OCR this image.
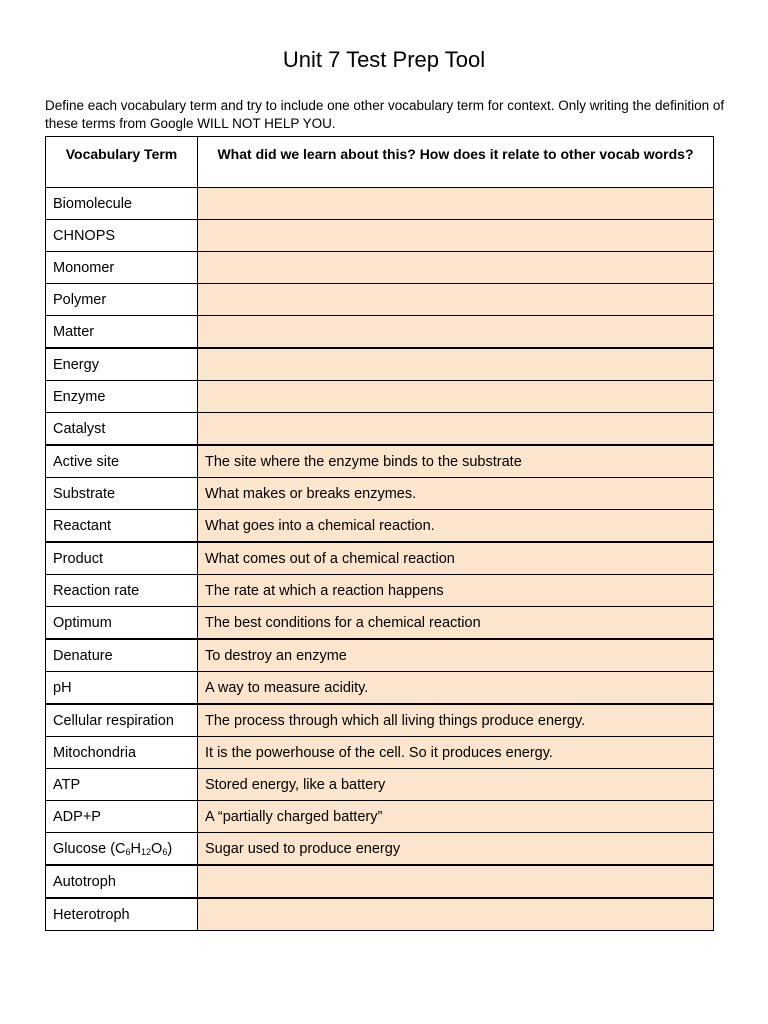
Unit 7 Test Prep Tool
Define each vocabulary term and try to include one other vocabulary term for context. Only writing the definition of these terms from Google WILL NOT HELP YOU.
Vocabulary Term	What did we learn about this? How does it relate to other vocab words?

Biomolecule	
CHNOPS	
Monomer	
Polymer	
Matter	
Energy	
Enzyme	
Catalyst	
Active site	The site where the enzyme binds to the substrate
Substrate	What makes or breaks enzymes.
Reactant	What goes into a chemical reaction.
Product	What comes out of a chemical reaction
Reaction rate	The rate at which a reaction happens
Optimum	The best conditions for a chemical reaction
Denature	To destroy an enzyme
pH	A way to measure acidity.
Cellular respiration	The process through which all living things produce energy.
Mitochondria	It is the powerhouse of the cell. So it produces energy.
ATP	Stored energy, like a battery
ADP+P	A “partially charged battery”
Glucose $(C_6H_{12}O_6)$	Sugar used to produce energy
Autotroph	
Heterotroph	
